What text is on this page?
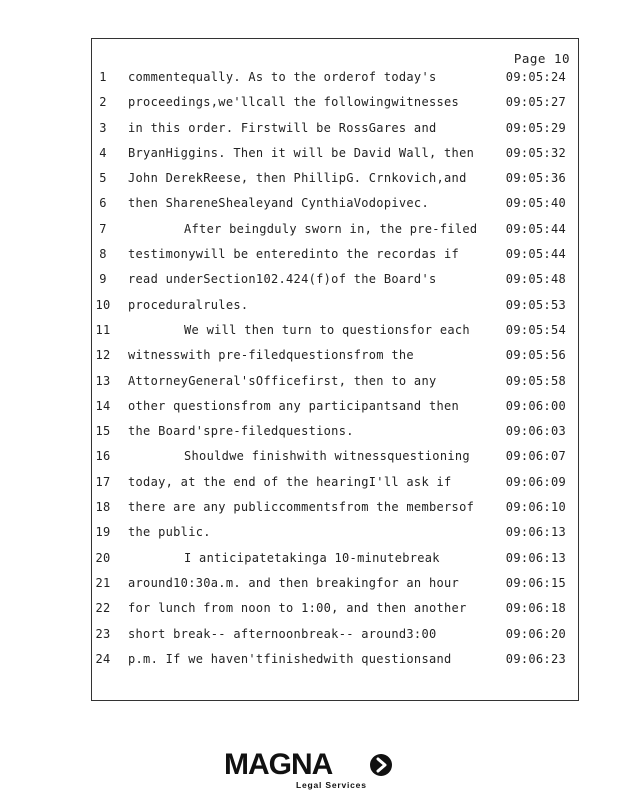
Page 10
1	commentequally. As to the orderof today's	09:05:24
2	proceedings,we'llcall the followingwitnesses	09:05:27
3	in this order. Firstwill be RossGares and	09:05:29
4	BryanHiggins. Then it will be David Wall, then	09:05:32
5	John DerekReese, then PhillipG. Crnkovich,and	09:05:36
6	then ShareneShealeyand CynthiaVodopivec.	09:05:40
7	After beingduly sworn in, the pre-filed 09:05:44
8	testimonywill be enteredinto the recordas if	09:05:44
9	read underSection102.424(f)of the Board's	09:05:48
10 proceduralrules.	09:05:53
11	We will then turn to questionsfor each	09:05:54
12 witnesswith pre-filedquestionsfrom the	09:05:56
13 AttorneyGeneral'sOfficefirst, then to any	09:05:58
14 other questionsfrom any participantsand then	09:06:00
15 the Board'spre-filedquestions.	09:06:03
16	Shouldwe finishwith witnessquestioning	09:06:07
17 today, at the end of the hearingI'll ask if	09:06:09
18 there are any publiccommentsfrom the membersof	09:06:10
19 the public.	09:06:13
20	I anticipatetakinga 10-minutebreak	09:06:13
21 around10:30a.m. and then breakingfor an hour	09:06:15
22 for lunch from noon to 1:00, and then another	09:06:18
23 short break-- afternoonbreak-- around3:00	09:06:20
24 p.m. If we haven'tfinishedwith questionsand	09:06:23
MAGNA
Legal Services
